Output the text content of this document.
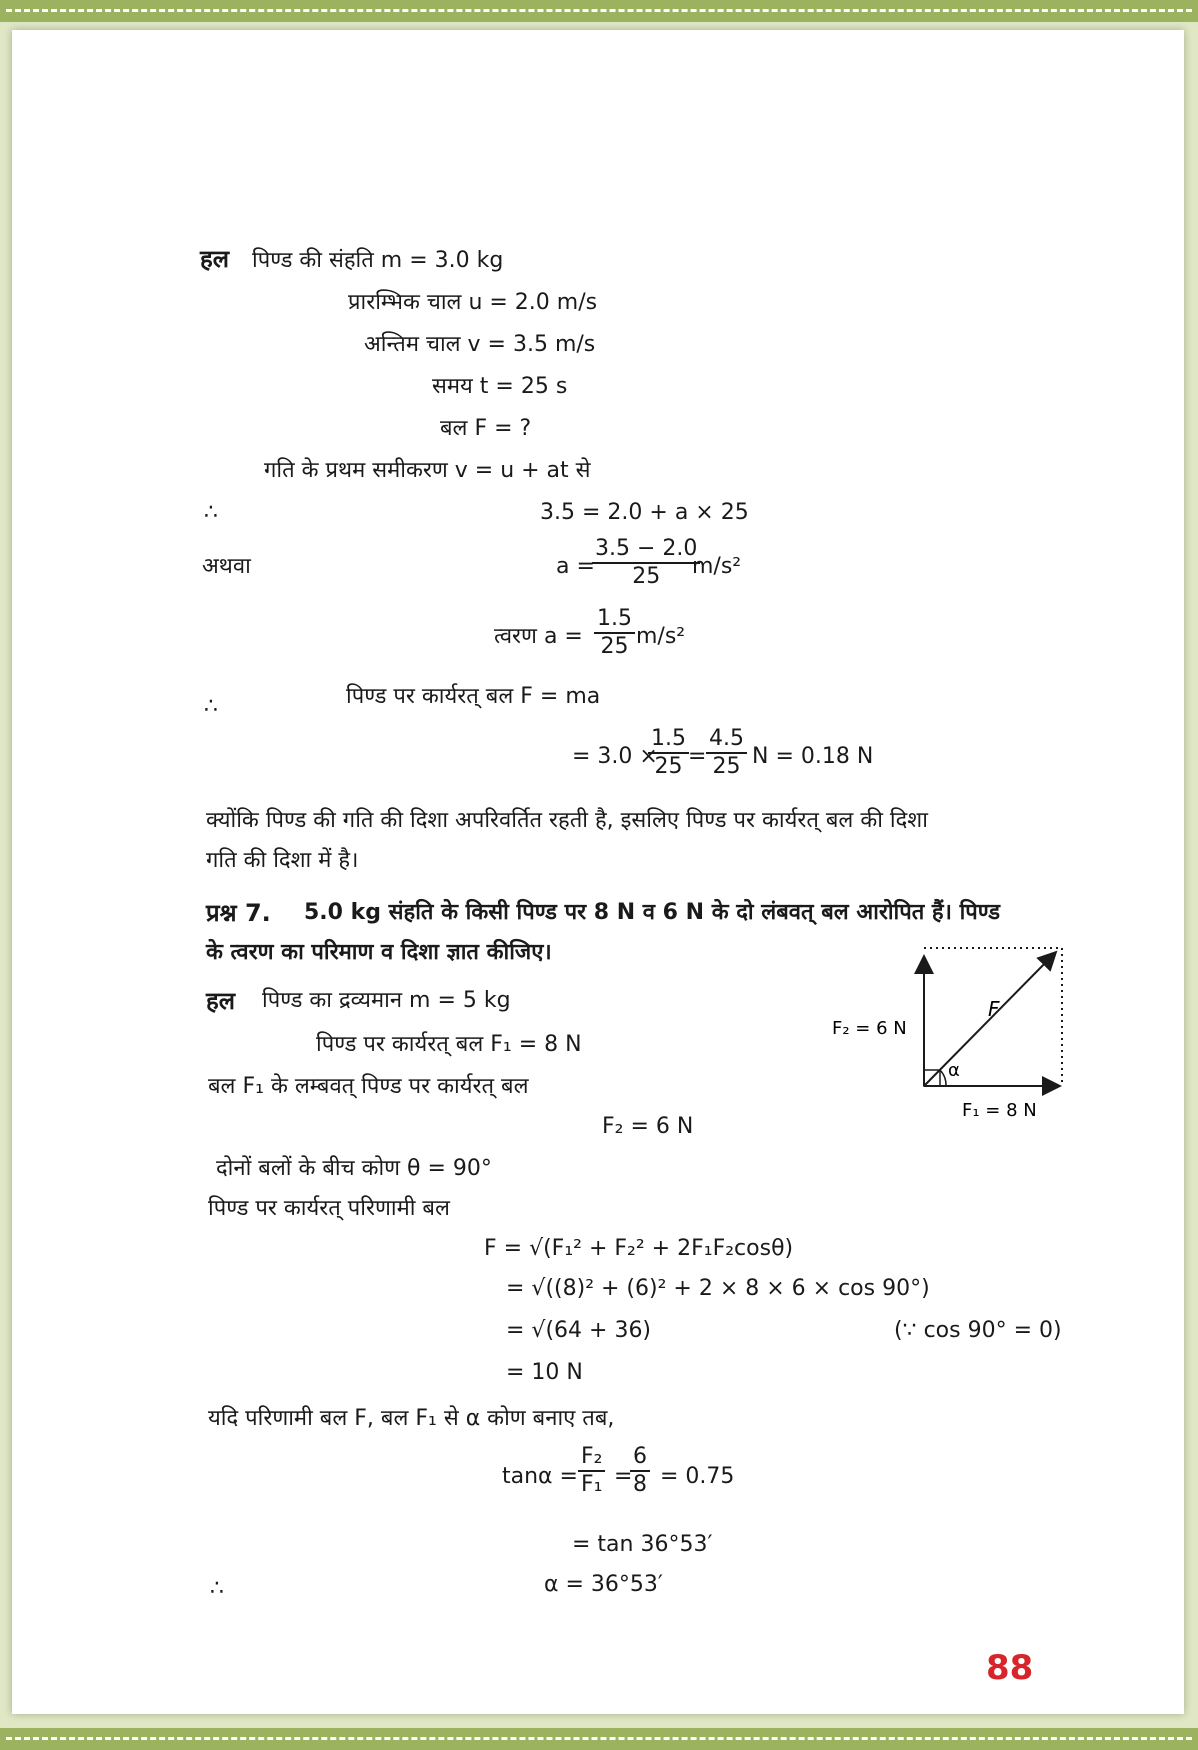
हल पिण्ड की संहति m = 3.0 kg
प्रारम्भिक चाल u = 2.0 m/s
अन्तिम चाल v = 3.5 m/s
समय t = 25 s
बल F = ?
गति के प्रथम समीकरण v = u + at से
∴	3.5 = 2.0 + a × 25
अथवा	a =
$\frac{3.5 - 2.0}{25}$
m/s²
त्वरण $a = \frac{1.5}{25} m/s^2$
∴	पिण्ड पर कार्यरत् बल F = ma
= 3.0 ×
$\frac{1.5}{25} = \frac{4.5}{25}$ N = 0.18 N
क्योंकि पिण्ड की गति की दिशा अपरिवर्तित रहती है, इसलिए पिण्ड पर कार्यरत् बल की दिशा
गति की दिशा में है।
प्रश्न 7. 5.0 kg संहति के किसी पिण्ड पर 8 N व 6 N के दो लंबवत् बल आरोपित हैं। पिण्ड
के त्वरण का परिमाण व दिशा ज्ञात कीजिए।
हल पिण्ड का द्रव्यमान m = 5 kg
पिण्ड पर कार्यरत् बल F₁ = 8 N
बल F₁ के लम्बवत् पिण्ड पर कार्यरत् बल
F₂ = 6 N
दोनों बलों के बीच कोण θ = 90°
पिण्ड पर कार्यरत् परिणामी बल
F = √(F₁² + F₂² + 2F₁F₂cosθ)
= √((8)² + (6)² + 2 × 8 × 6 × cos 90°)
= √(64 + 36)	(∵ cos 90° = 0)
= 10 N
यदि परिणामी बल F, बल F₁ से α कोण बनाए तब,
$\tan\alpha = \frac{\text{F₂}}{\text{F₁}}$ =
$\frac{6}{8} = 0.75$
= tan 36°53′
∴	α = 36°53′
α
F
F₂ = 6 N
F₁ = 8 N
88
